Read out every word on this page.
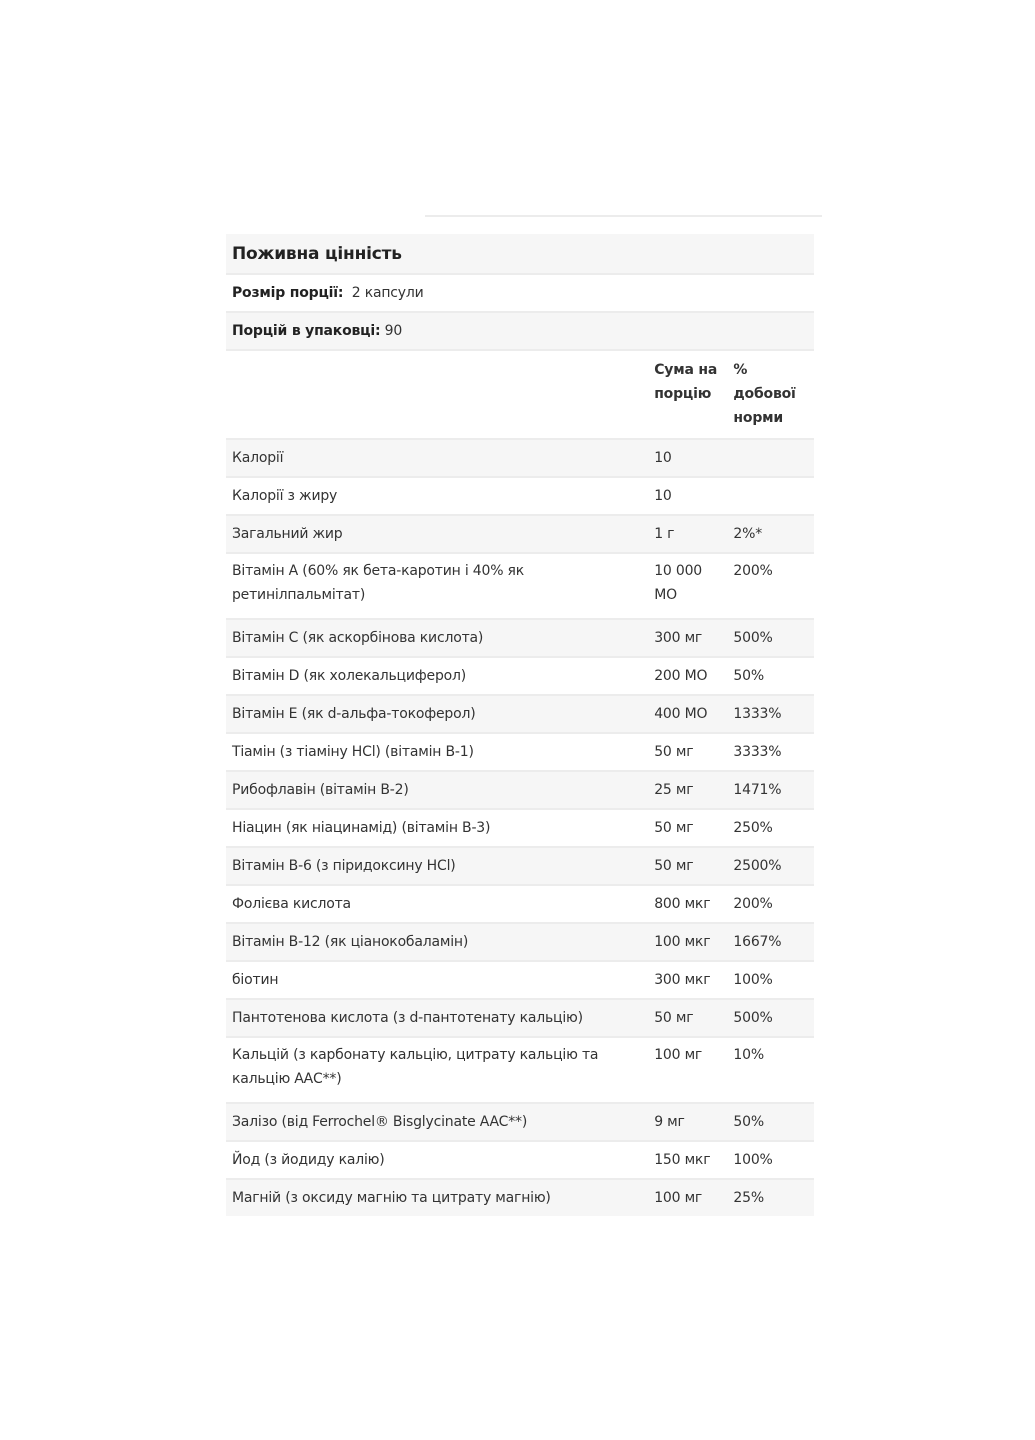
Поживна цінність		
Розмір порції: 2 капсули		
Порцій в упаковці: 90		
	Сума на порцію	% добової норми
Калорії	10	
Калорії з жиру	10	
Загальний жир	1 г	2%*
Вітамін А (60% як бета-каротин і 40% як ретинілпальмітат)	10 000 МО	200%
Вітамін С (як аскорбінова кислота)	300 мг	500%
Вітамін D (як холекальциферол)	200 МО	50%
Вітамін Е (як d-альфа-токоферол)	400 МО	1333%
Тіамін (з тіаміну HCl) (вітамін В-1)	50 мг	3333%
Рибофлавін (вітамін В-2)	25 мг	1471%
Ніацин (як ніацинамід) (вітамін В-3)	50 мг	250%
Вітамін В-6 (з піридоксину HCl)	50 мг	2500%
Фолієва кислота	800 мкг	200%
Вітамін В-12 (як ціанокобаламін)	100 мкг	1667%
біотин	300 мкг	100%
Пантотенова кислота (з d-пантотенату кальцію)	50 мг	500%
Кальцій (з карбонату кальцію, цитрату кальцію та кальцію ААС**)	100 мг	10%
Залізо (від Ferrochel® Bisglycinate AAC**)	9 мг	50%
Йод (з йодиду калію)	150 мкг	100%
Магній (з оксиду магнію та цитрату магнію)	100 мг	25%
